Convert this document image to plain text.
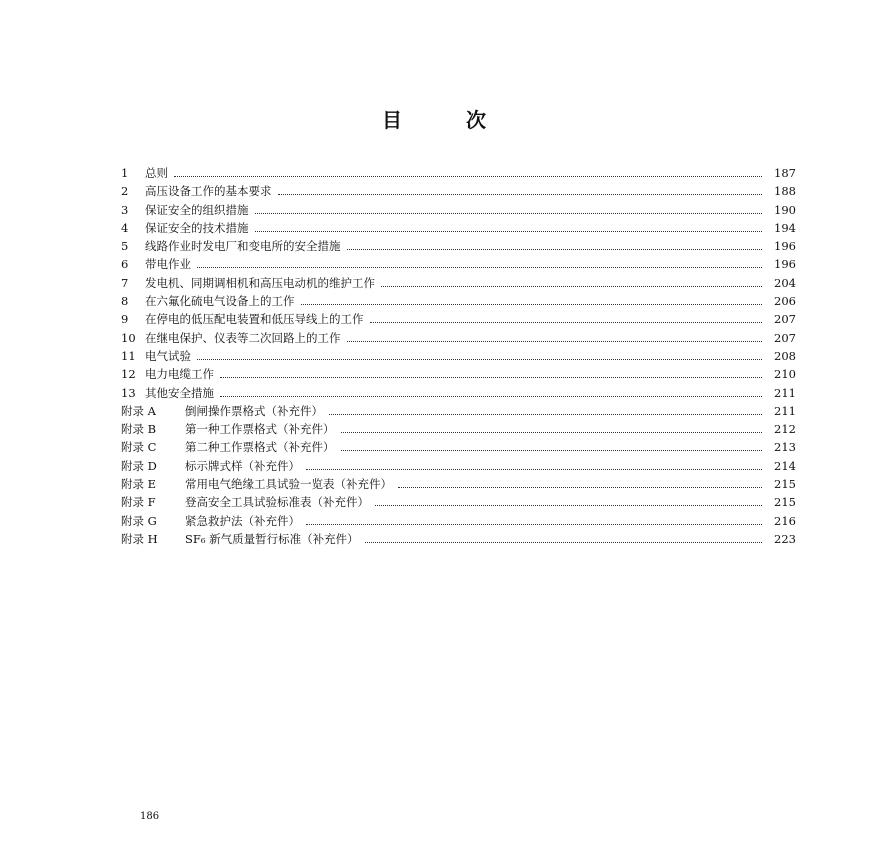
目	次
1	总则	187
2	高压设备工作的基本要求	188
3	保证安全的组织措施	190
4	保证安全的技术措施	194
5	线路作业时发电厂和变电所的安全措施	196
6	带电作业	196
7	发电机、同期调相机和高压电动机的维护工作	204
8	在六氟化硫电气设备上的工作	206
9	在停电的低压配电装置和低压导线上的工作	207
10 在继电保护、仪表等二次回路上的工作	207
11 电气试验	208
12 电力电缆工作	210
13 其他安全措施	211
附录 A	倒闸操作票格式（补充件）	211
附录 B	第一种工作票格式（补充件）	212
附录 C	第二种工作票格式（补充件）	213
附录 D	标示牌式样（补充件）	214
附录 E	常用电气绝缘工具试验一览表（补充件）	215
附录 F	登高安全工具试验标准表（补充件）	215
附录 G	紧急救护法（补充件）	216
附录 H	SF₆ 新气质量暂行标准（补充件）	223
186
